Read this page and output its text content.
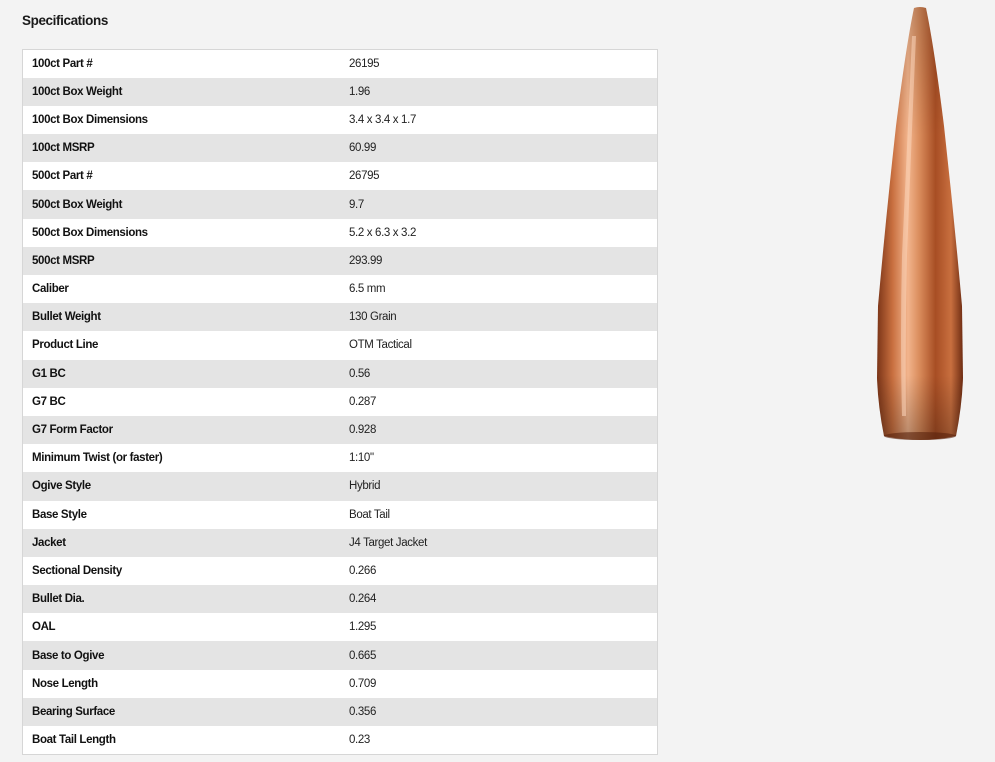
Specifications
100ct Part #	26195
100ct Box Weight	1.96
100ct Box Dimensions	3.4 x 3.4 x 1.7
100ct MSRP	60.99
500ct Part #	26795
500ct Box Weight	9.7
500ct Box Dimensions	5.2 x 6.3 x 3.2
500ct MSRP	293.99
Caliber	6.5 mm
Bullet Weight	130 Grain
Product Line	OTM Tactical
G1 BC	0.56
G7 BC	0.287
G7 Form Factor	0.928
Minimum Twist (or faster)	1:10"
Ogive Style	Hybrid
Base Style	Boat Tail
Jacket	J4 Target Jacket
Sectional Density	0.266
Bullet Dia.	0.264
OAL	1.295
Base to Ogive	0.665
Nose Length	0.709
Bearing Surface	0.356
Boat Tail Length	0.23
